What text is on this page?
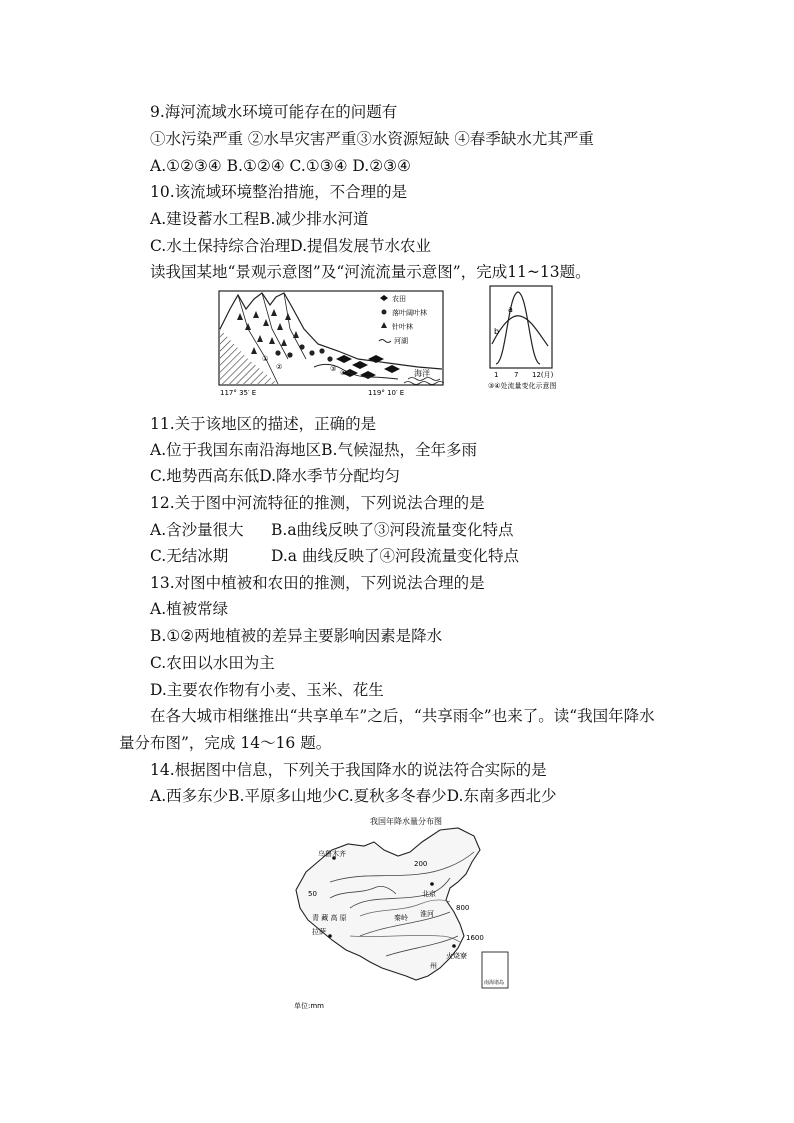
9.海河流域水环境可能存在的问题有
①水污染严重 ②水旱灾害严重③水资源短缺 ④春季缺水尤其严重
A.①②③④ B.①②④ C.①③④ D.②③④
10.该流域环境整治措施，不合理的是
A.建设蓄水工程B.减少排水河道
C.水土保持综合治理D.提倡发展节水农业
读我国某地“景观示意图”及“河流流量示意图”，完成11~13题。
海洋
①
②	③ ④
农田
落叶阔叶林
针叶林
河湖
117° 35′ E	119° 10′ E
a
b
1 7 12(月)
③④处流量变化示意图
11.关于该地区的描述，正确的是
A.位于我国东南沿海地区B.气候湿热，全年多雨
C.地势西高东低D.降水季节分配均匀
12.关于图中河流特征的推测，下列说法合理的是
A.含沙量很大 B.a曲线反映了③河段流量变化特点
C.无结冰期	D.a 曲线反映了④河段流量变化特点
13.对图中植被和农田的推测，下列说法合理的是
A.植被常绿
B.①②两地植被的差异主要影响因素是降水
C.农田以水田为主
D.主要农作物有小麦、玉米、花生
在各大城市相继推出“共享单车”之后，“共享雨伞”也来了。读“我国年降水
量分布图”，完成 14～16 题。
14.根据图中信息，下列关于我国降水的说法符合实际的是
A.西多东少B.平原多山地少C.夏秋多冬春少D.东南多西北少
我国年降水量分布图
乌鲁木齐
200
50	北京
800
青 藏 高 原
拉萨
秦岭 淮河
1600
火烧寮
州
南海诸岛
单位:mm
